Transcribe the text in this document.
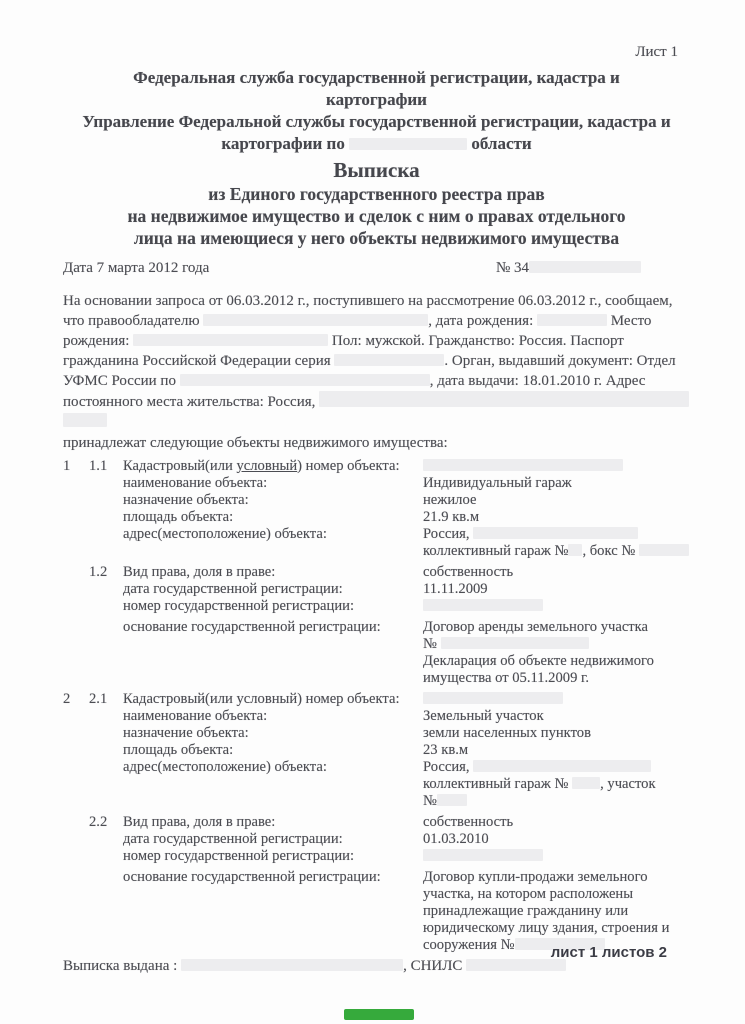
Лист 1
Федеральная служба государственной регистрации, кадастра и
картографии
Управление Федеральной службы государственной регистрации, кадастра и
картографии по	области
Выписка
из Единого государственного реестра прав
на недвижимое имущество и сделок с ним о правах отдельного
лица на имеющиеся у него объекты недвижимого имущества
Дата 7 марта 2012 года	№ 34
На основании запроса от 06.03.2012 г., поступившего на рассмотрение 06.03.2012 г., сообщаем,
что правообладателю	, дата рождения:	Место
рождения:	Пол: мужской. Гражданство: Россия. Паспорт
гражданина Российской Федерации серия	. Орган, выдавший документ: Отдел
УФМС России по	, дата выдачи: 18.01.2010 г. Адрес
постоянного места жительства: Россия,
принадлежат следующие объекты недвижимого имущества:
1	1.1	Кадастровый(или условный) номер объекта:
наименование объекта:	Индивидуальный гараж
назначение объекта:	нежилое
площадь объекта:	21.9 кв.м
адрес(местоположение) объекта:	Россия,
коллективный гараж № , бокс №
1.2	Вид права, доля в праве:	собственность
дата государственной регистрации:	11.11.2009
номер государственной регистрации:
основание государственной регистрации:	Договор аренды земельного участка
№
Декларация об объекте недвижимого
имущества от 05.11.2009 г.
2	2.1	Кадастровый(или условный) номер объекта:
наименование объекта:	Земельный участок
назначение объекта:	земли населенных пунктов
площадь объекта:	23 кв.м
адрес(местоположение) объекта:	Россия,
коллективный гараж № , участок
№
2.2	Вид права, доля в праве:	собственность
дата государственной регистрации:	01.03.2010
номер государственной регистрации:
основание государственной регистрации:	Договор купли-продажи земельного
участка, на котором расположены
принадлежащие гражданину или
юридическому лицу здания, строения и
сооружения №
Выписка выдана :	, СНИЛС
лист 1 листов 2
